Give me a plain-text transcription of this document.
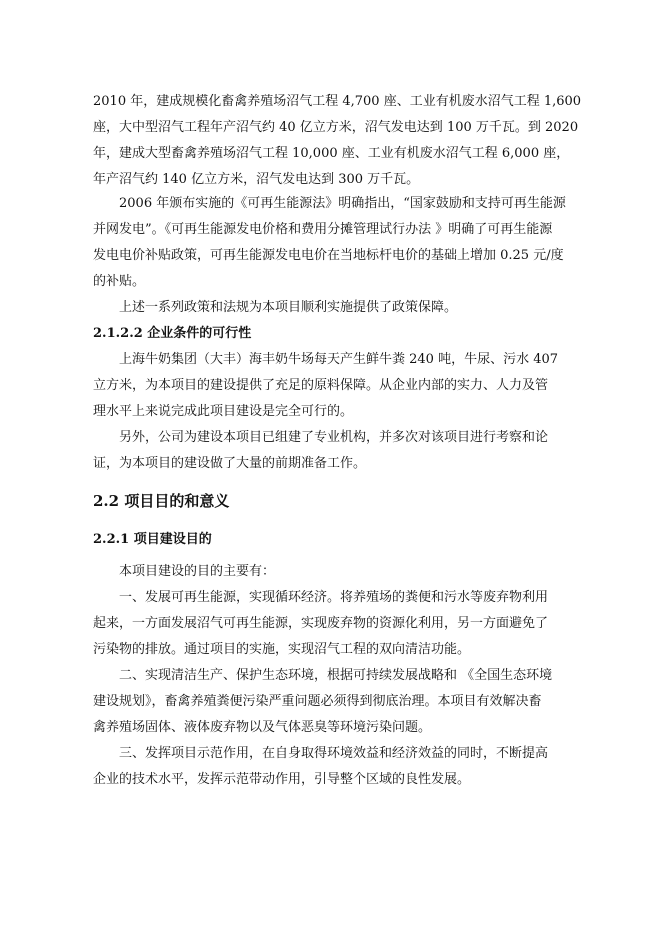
2010 年，建成规模化畜禽养殖场沼气工程 4,700 座、工业有机废水沼气工程 1,600
座，大中型沼气工程年产沼气约 40 亿立方米，沼气发电达到 100 万千瓦。到 2020
年，建成大型畜禽养殖场沼气工程 10,000 座、工业有机废水沼气工程 6,000 座，
年产沼气约 140 亿立方米，沼气发电达到 300 万千瓦。
2006 年颁布实施的《可再生能源法》明确指出，“国家鼓励和支持可再生能源
并网发电”。《可再生能源发电价格和费用分摊管理试行办法 》明确了可再生能源
发电电价补贴政策，可再生能源发电电价在当地标杆电价的基础上增加 0.25 元/度
的补贴。
上述一系列政策和法规为本项目顺利实施提供了政策保障。
2.1.2.2 企业条件的可行性
上海牛奶集团（大丰）海丰奶牛场每天产生鲜牛粪 240 吨，牛尿、污水 407
立方米，为本项目的建设提供了充足的原料保障。从企业内部的实力、人力及管
理水平上来说完成此项目建设是完全可行的。
另外，公司为建设本项目已组建了专业机构，并多次对该项目进行考察和论
证，为本项目的建设做了大量的前期准备工作。
2.2 项目目的和意义
2.2.1 项目建设目的
本项目建设的目的主要有：
一、发展可再生能源，实现循环经济。将养殖场的粪便和污水等废弃物利用
起来，一方面发展沼气可再生能源，实现废弃物的资源化利用，另一方面避免了
污染物的排放。通过项目的实施，实现沼气工程的双向清洁功能。
二、实现清洁生产、保护生态环境，根据可持续发展战略和 《全国生态环境
建设规划》，畜禽养殖粪便污染严重问题必须得到彻底治理。本项目有效解决畜
禽养殖场固体、液体废弃物以及气体恶臭等环境污染问题。
三、发挥项目示范作用，在自身取得环境效益和经济效益的同时，不断提高
企业的技术水平，发挥示范带动作用，引导整个区域的良性发展。
